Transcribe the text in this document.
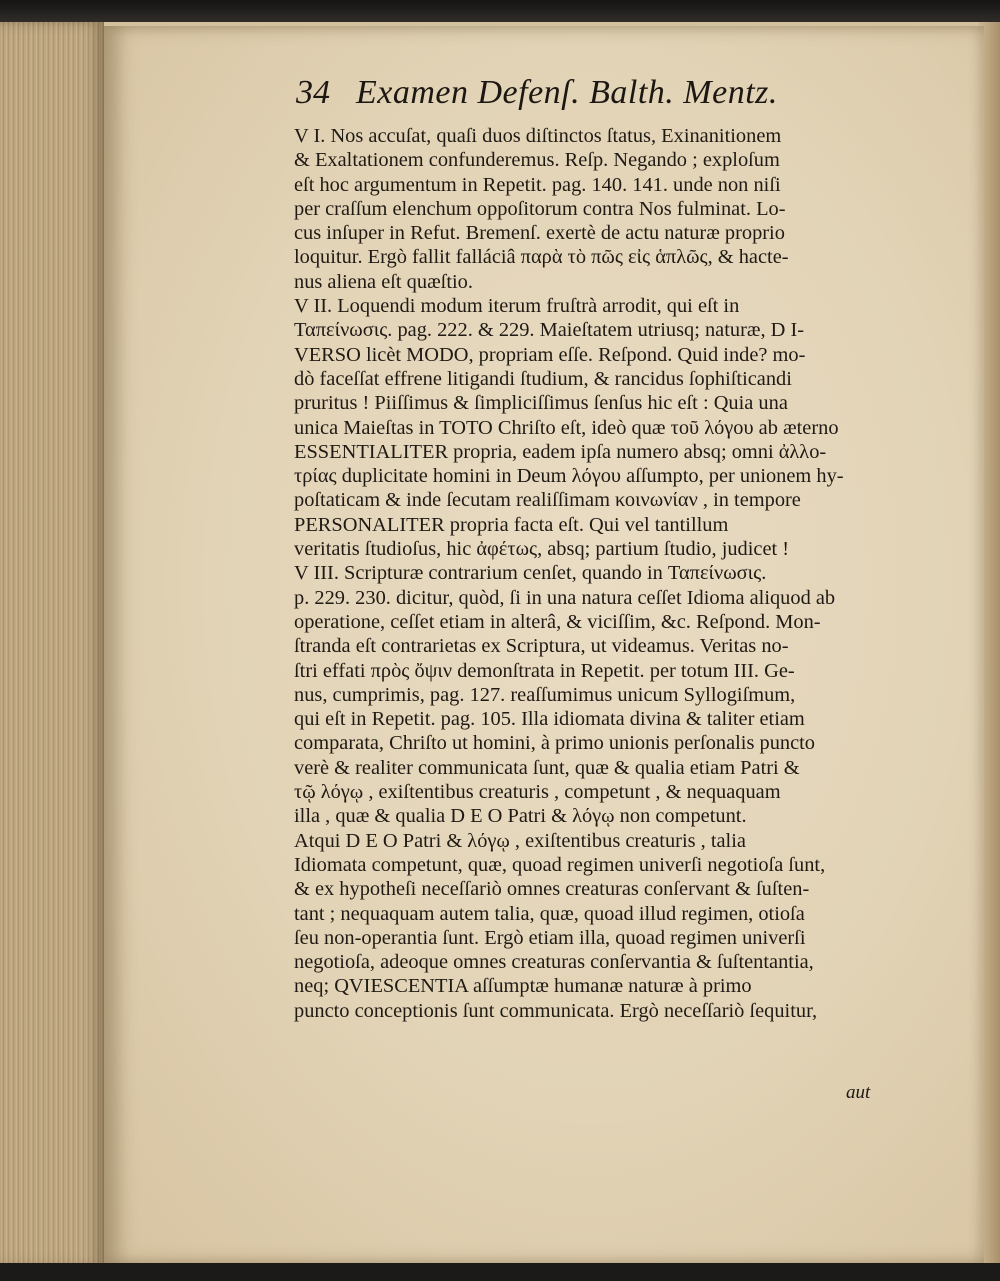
34 Examen Defenſ. Balth. Mentz.
V I. Nos accuſat, quaſi duos diſtinctos ſtatus, Exinanitionem
& Exaltationem confunderemus. Reſp. Negando ; exploſum
eſt hoc argumentum in Repetit. pag. 140. 141. unde non niſi
per craſſum elenchum oppoſitorum contra Nos fulminat. Lo-
cus inſuper in Refut. Bremenſ. exertè de actu naturæ proprio
loquitur. Ergò fallit falláciâ παρὰ τὸ πῶς εἰς ἁπλῶς, & hacte-
nus aliena eſt quæſtio.
V II. Loquendi modum iterum fruſtrà arrodit, qui eſt in
Ταπείνωσις. pag. 222. & 229. Maieſtatem utriusq; naturæ, D I-
VERSO licèt MODO, propriam eſſe. Reſpond. Quid inde? mo-
dò faceſſat effrene litigandi ſtudium, & rancidus ſophiſticandi
pruritus ! Piiſſimus & ſimpliciſſimus ſenſus hic eſt : Quia una
unica Maieſtas in TOTO Chriſto eſt, ideò quæ τοῦ λόγου ab æterno
ESSENTIALITER propria, eadem ipſa numero absq; omni ἀλλο-
τρίας duplicitate homini in Deum λόγου aſſumpto, per unionem hy-
poſtaticam & inde ſecutam realiſſimam κοινωνίαν , in tempore
PERSONALITER propria facta eſt. Qui vel tantillum
veritatis ſtudioſus, hic ἀφέτως, absq; partium ſtudio, judicet !
V III. Scripturæ contrarium cenſet, quando in Ταπείνωσις.
p. 229. 230. dicitur, quòd, ſi in una natura ceſſet Idioma aliquod ab
operatione, ceſſet etiam in alterâ, & viciſſim, &c. Reſpond. Mon-
ſtranda eſt contrarietas ex Scriptura, ut videamus. Veritas no-
ſtri effati πρὸς ὄψιν demonſtrata in Repetit. per totum III. Ge-
nus, cumprimis, pag. 127. reaſſumimus unicum Syllogiſmum,
qui eſt in Repetit. pag. 105. Illa idiomata divina & taliter etiam
comparata, Chriſto ut homini, à primo unionis perſonalis puncto
verè & realiter communicata ſunt, quæ & qualia etiam Patri &
τῷ λόγῳ , exiſtentibus creaturis , competunt , & nequaquam
illa , quæ & qualia D E O Patri & λόγῳ non competunt.
Atqui D E O Patri & λόγῳ , exiſtentibus creaturis , talia
Idiomata competunt, quæ, quoad regimen univerſi negotioſa ſunt,
& ex hypotheſi neceſſariò omnes creaturas conſervant & ſuſten-
tant ; nequaquam autem talia, quæ, quoad illud regimen, otioſa
ſeu non-operantia ſunt. Ergò etiam illa, quoad regimen univerſi
negotioſa, adeoque omnes creaturas conſervantia & ſuſtentantia,
neq; QVIESCENTIA aſſumptæ humanæ naturæ à primo
puncto conceptionis ſunt communicata. Ergò neceſſariò ſequitur,
aut
